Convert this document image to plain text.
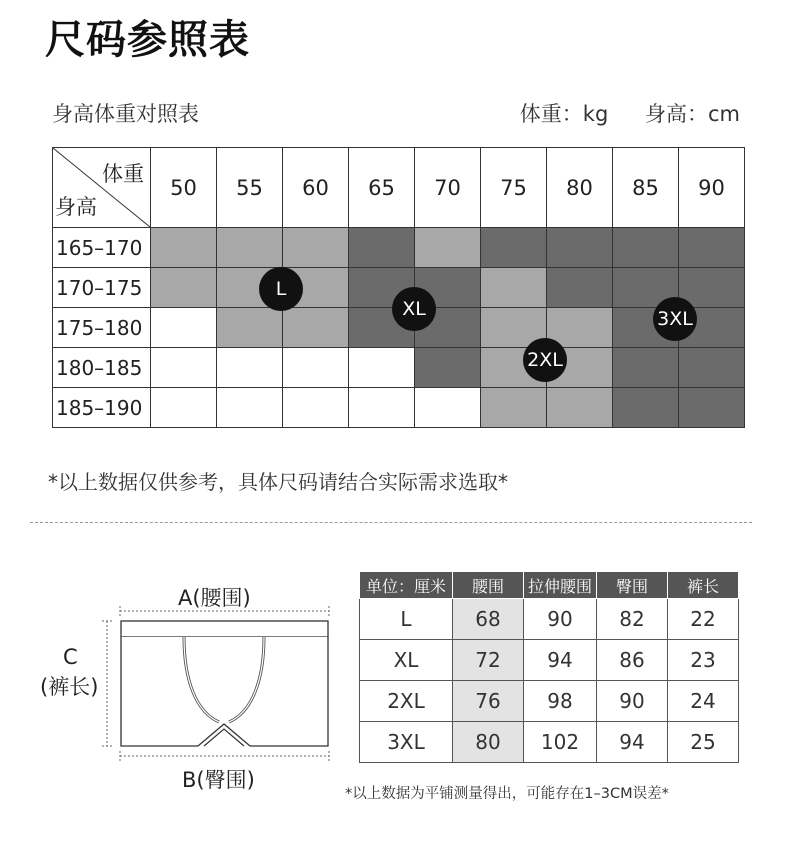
尺码参照表
身高体重对照表	体重：kg 身高：cm
体重
身高
50	55	60	65	70	75	80	85	90
165–170
170–175
175–180
180–185
185–190
*以上数据仅供参考，具体尺码请结合实际需求选取*
A(腰围)
B(臀围)
C
(裤长)
单位：厘米	腰围	拉伸腰围	臀围	裤长
L	68	90	82	22
XL	72	94	86	23
2XL	76	98	90	24
3XL	80	102	94	25
*以上数据为平铺测量得出，可能存在1–3CM误差*
L
XL
2XL
3XL
